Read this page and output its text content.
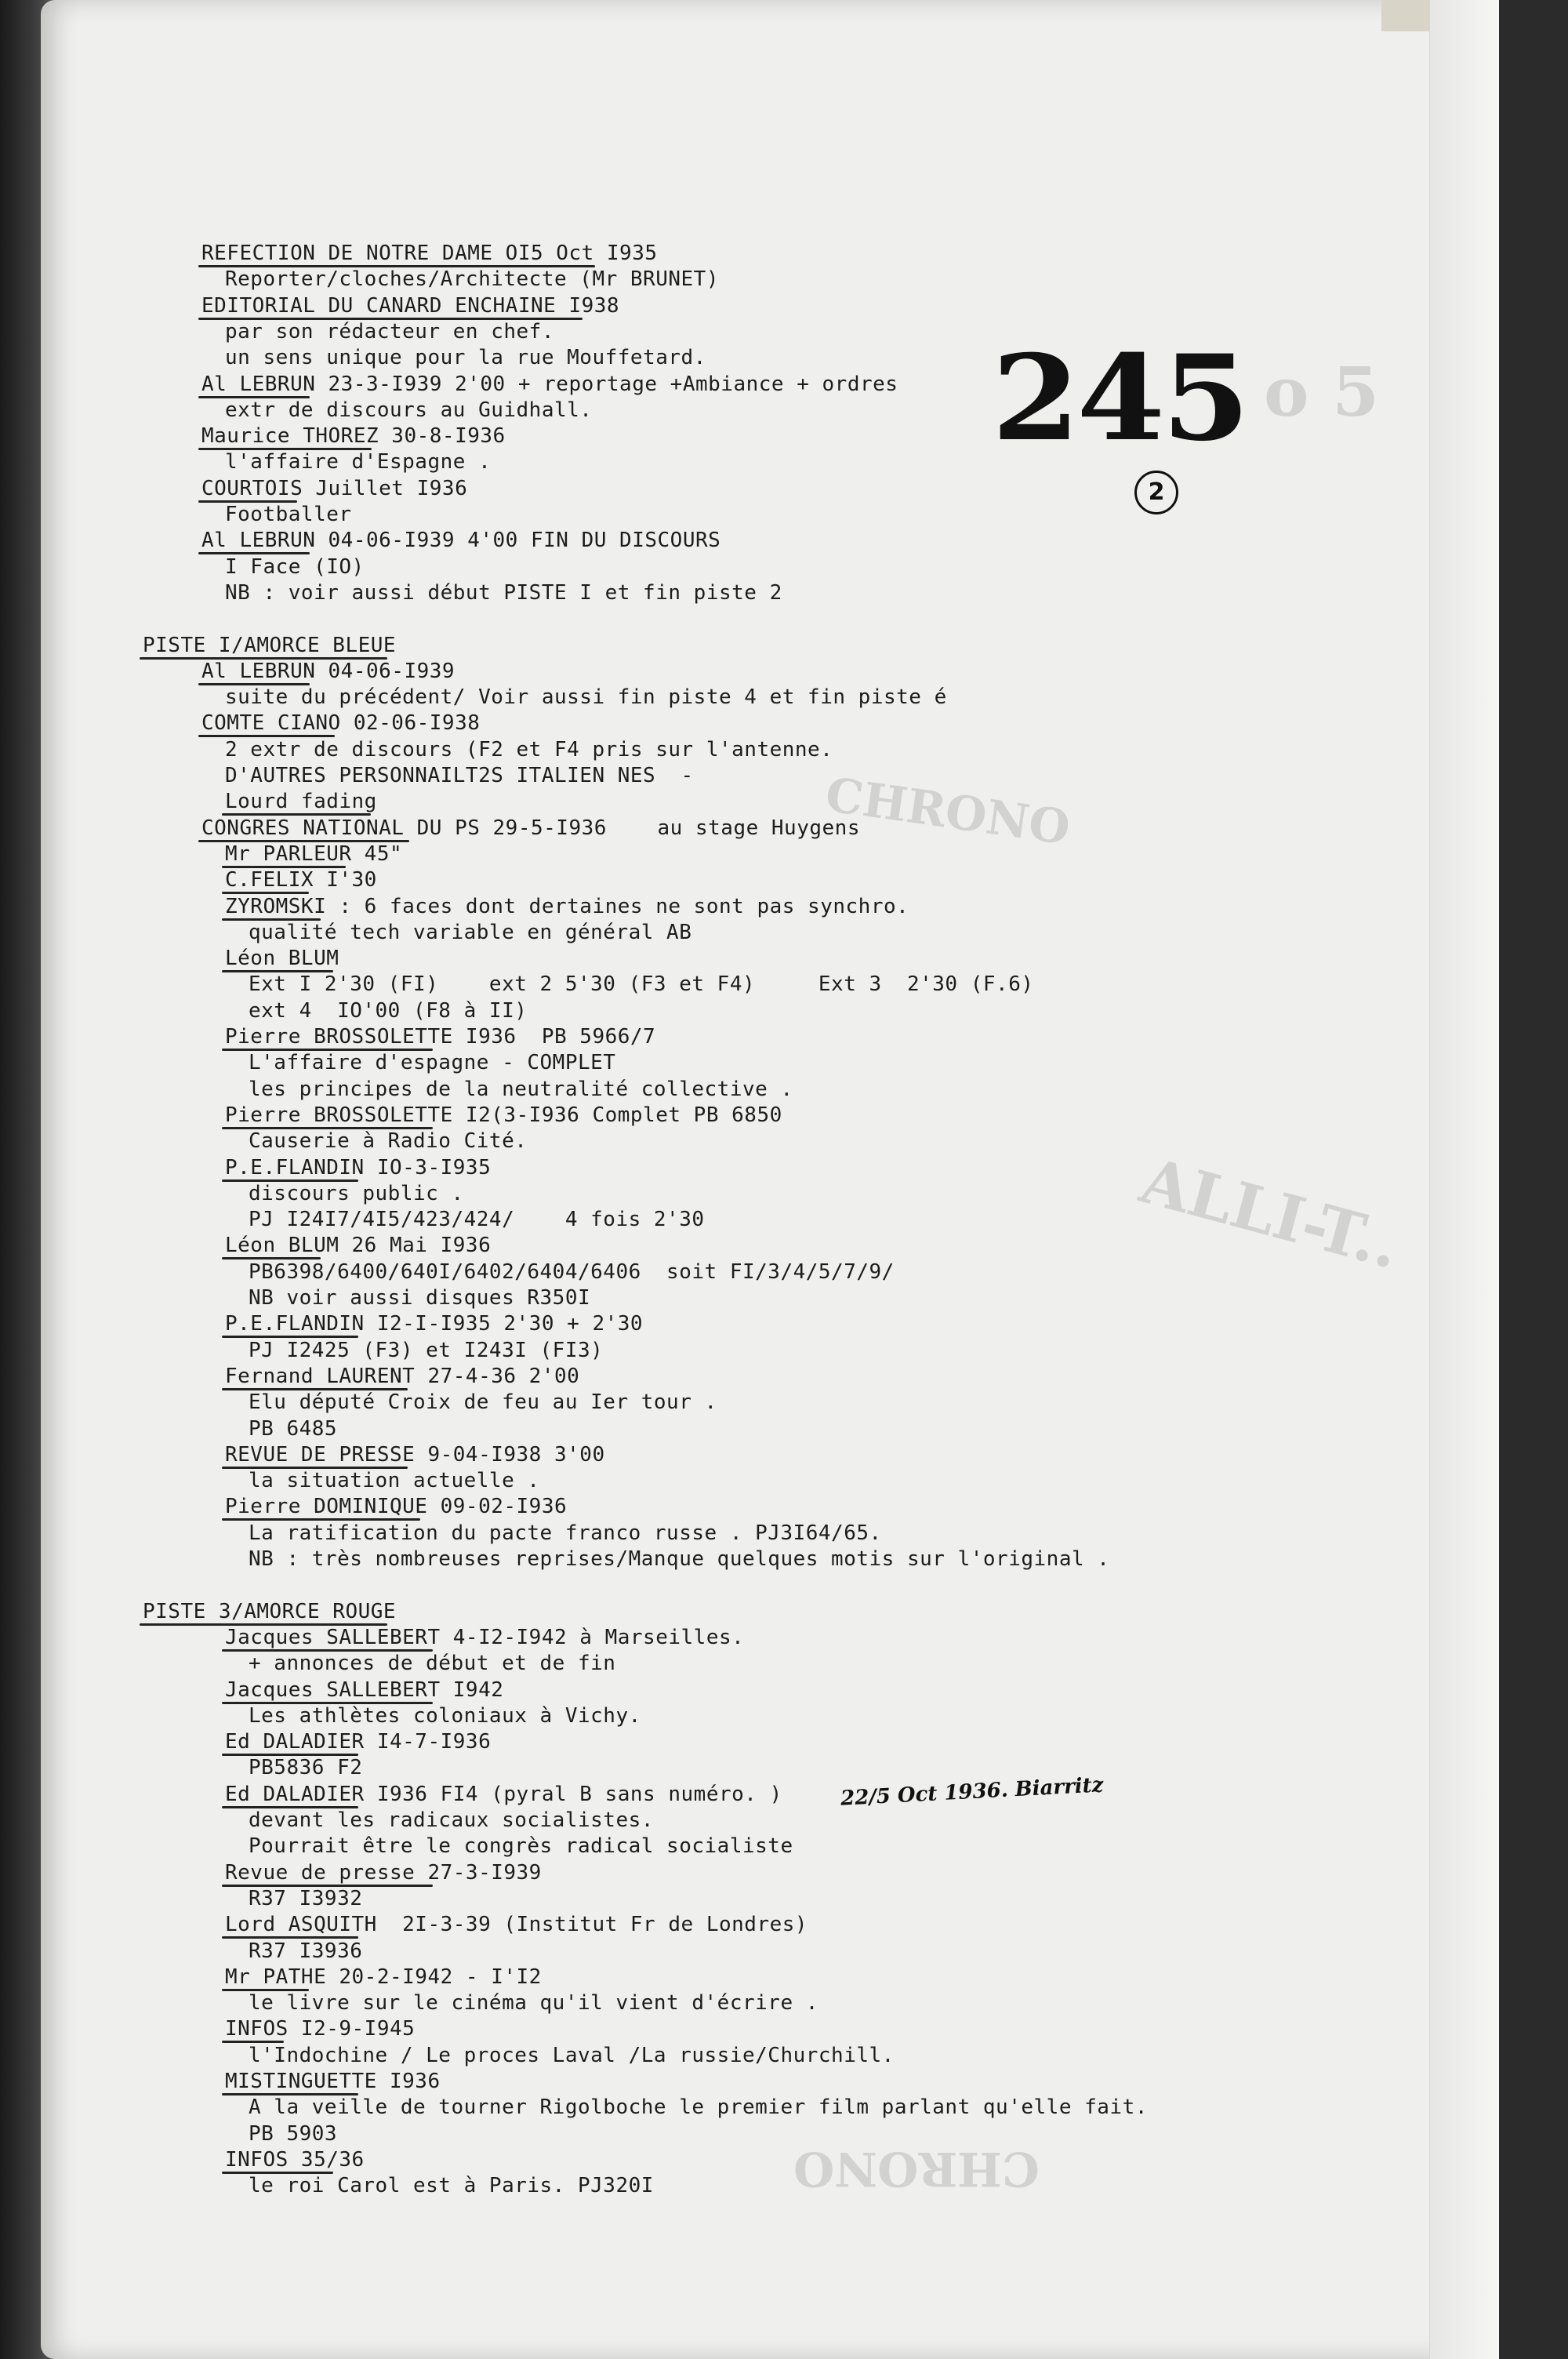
o 5
CHRONO
ALLI-T..
CHRONO
245
2
REFECTION DE NOTRE DAME OI5 Oct I935
Reporter/cloches/Architecte (Mr BRUNET)
EDITORIAL DU CANARD ENCHAINE I938
par son rédacteur en chef.
un sens unique pour la rue Mouffetard.
Al LEBRUN 23-3-I939 2'00 + reportage +Ambiance + ordres
extr de discours au Guidhall.
Maurice THOREZ 30-8-I936
l'affaire d'Espagne .
COURTOIS Juillet I936
Footballer
Al LEBRUN 04-06-I939 4'00 FIN DU DISCOURS
I Face (IO)
NB : voir aussi début PISTE I et fin piste 2
PISTE I/AMORCE BLEUE
Al LEBRUN 04-06-I939
suite du précédent/ Voir aussi fin piste 4 et fin piste é
COMTE CIANO 02-06-I938
2 extr de discours (F2 et F4 pris sur l'antenne.
D'AUTRES PERSONNAILT2S ITALIEN NES  -
Lourd fading
CONGRES NATIONAL DU PS 29-5-I936    au stage Huygens
Mr PARLEUR 45"
C.FELIX I'30
ZYROMSKI : 6 faces dont dertaines ne sont pas synchro.
qualité tech variable en général AB
Léon BLUM
Ext I 2'30 (FI)    ext 2 5'30 (F3 et F4)     Ext 3  2'30 (F.6)
ext 4  IO'00 (F8 à II)
Pierre BROSSOLETTE I936  PB 5966/7
L'affaire d'espagne - COMPLET
les principes de la neutralité collective .
Pierre BROSSOLETTE I2(3-I936 Complet PB 6850
Causerie à Radio Cité.
P.E.FLANDIN IO-3-I935
discours public .
PJ I24I7/4I5/423/424/    4 fois 2'30
Léon BLUM 26 Mai I936
PB6398/6400/640I/6402/6404/6406  soit FI/3/4/5/7/9/
NB voir aussi disques R350I
P.E.FLANDIN I2-I-I935 2'30 + 2'30
PJ I2425 (F3) et I243I (FI3)
Fernand LAURENT 27-4-36 2'00
Elu député Croix de feu au Ier tour .
PB 6485
REVUE DE PRESSE 9-04-I938 3'00
la situation actuelle .
Pierre DOMINIQUE 09-02-I936
La ratification du pacte franco russe . PJ3I64/65.
NB : très nombreuses reprises/Manque quelques motis sur l'original .
PISTE 3/AMORCE ROUGE
Jacques SALLEBERT 4-I2-I942 à Marseilles.
+ annonces de début et de fin
Jacques SALLEBERT I942
Les athlètes coloniaux à Vichy.
Ed DALADIER I4-7-I936
PB5836 F2
Ed DALADIER I936 FI4 (pyral B sans numéro. )
devant les radicaux socialistes.
Pourrait être le congrès radical socialiste
Revue de presse 27-3-I939
R37 I3932
Lord ASQUITH  2I-3-39 (Institut Fr de Londres)
R37 I3936
Mr PATHE 20-2-I942 - I'I2
le livre sur le cinéma qu'il vient d'écrire .
INFOS I2-9-I945
l'Indochine / Le proces Laval /La russie/Churchill.
MISTINGUETTE I936
A la veille de tourner Rigolboche le premier film parlant qu'elle fait.
PB 5903
INFOS 35/36
le roi Carol est à Paris. PJ320I
22/5 Oct 1936. Biarritz
